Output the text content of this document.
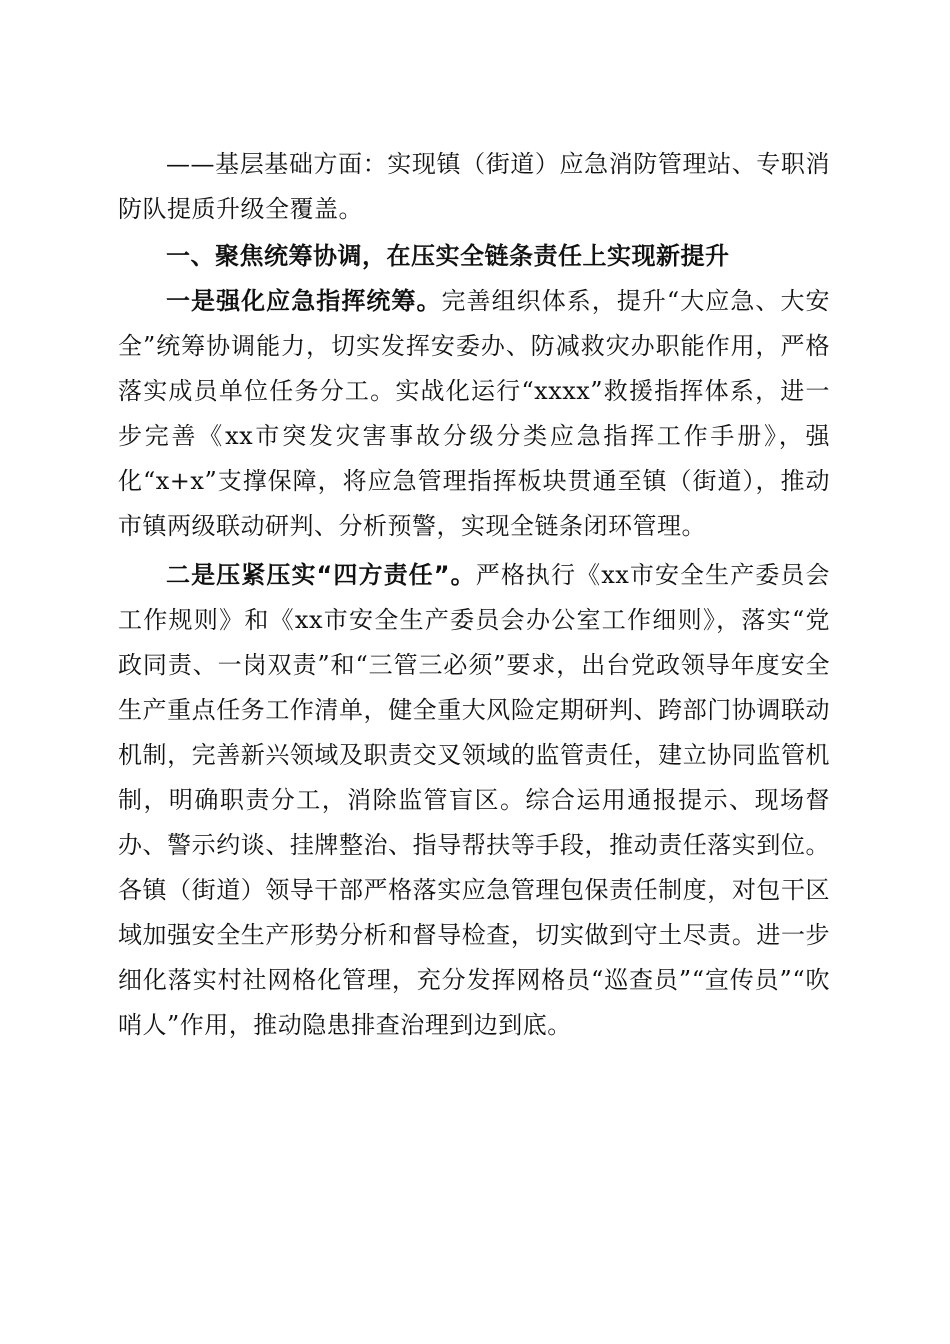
——基层基础方面：实现镇（街道）应急消防管理站、专职消防队提质升级全覆盖。

一、聚焦统筹协调，在压实全链条责任上实现新提升

一是强化应急指挥统筹。完善组织体系，提升“大应急、大安全”统筹协调能力，切实发挥安委办、防减救灾办职能作用，严格落实成员单位任务分工。实战化运行“xxxx”救援指挥体系，进一步完善《xx市突发灾害事故分级分类应急指挥工作手册》，强化“x+x”支撑保障，将应急管理指挥板块贯通至镇（街道），推动市镇两级联动研判、分析预警，实现全链条闭环管理。

二是压紧压实“四方责任”。严格执行《xx市安全生产委员会工作规则》和《xx市安全生产委员会办公室工作细则》，落实“党政同责、一岗双责”和“三管三必须”要求，出台党政领导年度安全生产重点任务工作清单，健全重大风险定期研判、跨部门协调联动机制，完善新兴领域及职责交叉领域的监管责任，建立协同监管机制，明确职责分工，消除监管盲区。综合运用通报提示、现场督办、警示约谈、挂牌整治、指导帮扶等手段，推动责任落实到位。各镇（街道）领导干部严格落实应急管理包保责任制度，对包干区域加强安全生产形势分析和督导检查，切实做到守土尽责。进一步细化落实村社网格化管理，充分发挥网格员“巡查员”“宣传员”“吹哨人”作用，推动隐患排查治理到边到底。
